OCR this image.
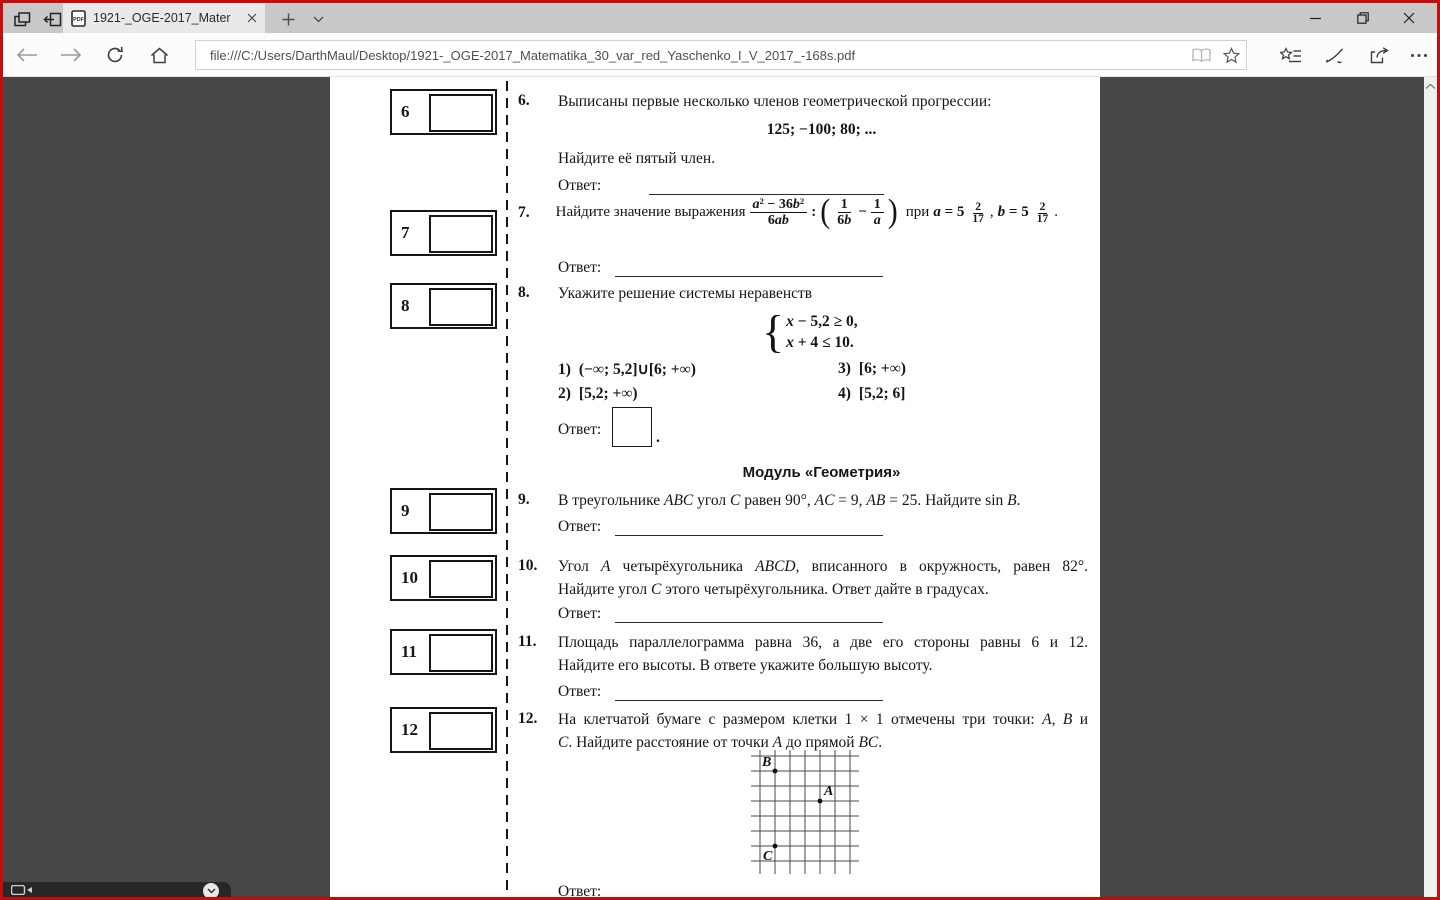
PDF 1921-_OGE-2017_Mater
file:///C:/Users/DarthMaul/Desktop/1921-_OGE-2017_Matematika_30_var_red_Yaschenko_I_V_2017_-168s.pdf
6
7
8
9
10
11
12
6. Выписаны первые несколько членов геометрической прогрессии:
125; −100; 80; ...
Найдите её пятый член.
Ответ:
7. Найдите значение выражения $a^2 - 36b^2$
6ab
: ( 1
6b
− $\frac{1}{a}$ ) при a = 5 2
17 , b = 5 2
17 .
Ответ:
8. Укажите решение системы неравенств
{ x − 5,2 ≥ 0,
x + 4 ≤ 10.
1) (−∞; 5,2]∪[6; +∞)	3) [6; +∞)
2) [5,2; +∞)	4) [5,2; 6]
Ответ:	.
Модуль «Геометрия»
9. В треугольнике ABC угол C равен 90°, AC = 9, AB = 25. Найдите sin B.
Ответ:
10. Угол A четырёхугольника ABCD, вписанного в окружность, равен 82°.
Найдите угол C этого четырёхугольника. Ответ дайте в градусах.
Ответ:
11. Площадь параллелограмма равна 36, а две его стороны равны 6 и 12.
Найдите его высоты. В ответе укажите большую высоту.
Ответ:
12. На клетчатой бумаге с размером клетки 1 × 1 отмечены три точки: A, B и
C. Найдите расстояние от точки A до прямой BC.
B
A
C
Ответ:
